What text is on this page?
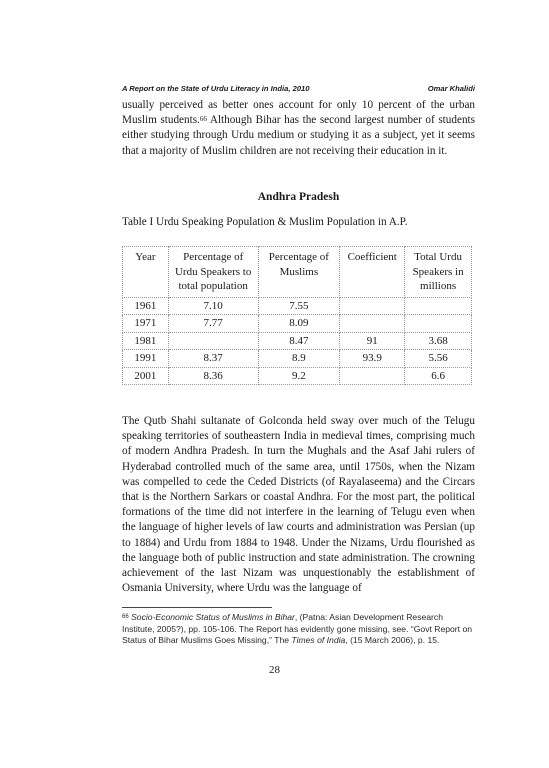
A Report on the State of Urdu Literacy in India, 2010	Omar Khalidi

usually perceived as better ones account for only 10 percent of the urban Muslim students.$^{66}$ Although Bihar has the second largest number of students either studying through Urdu medium or studying it as a subject, yet it seems that a majority of Muslim children are not receiving their education in it.

Andhra Pradesh

Table I Urdu Speaking Population & Muslim Population in A.P.

Year	Percentage of Urdu Speakers to total population	Percentage of Muslims	Coefficient	Total Urdu Speakers in millions
1961	7.10	7.55		
1971	7.77	8.09		
1981		8.47	91	3.68
1991	8.37	8.9	93.9	5.56
2001	8.36	9.2		6.6

The Qutb Shahi sultanate of Golconda held sway over much of the Telugu speaking territories of southeastern India in medieval times, comprising much of modern Andhra Pradesh. In turn the Mughals and the Asaf Jahi rulers of Hyderabad controlled much of the same area, until 1750s, when the Nizam was compelled to cede the Ceded Districts (of Rayalaseema) and the Circars that is the Northern Sarkars or coastal Andhra. For the most part, the political formations of the time did not interfere in the learning of Telugu even when the language of higher levels of law courts and administration was Persian (up to 1884) and Urdu from 1884 to 1948. Under the Nizams, Urdu flourished as the language both of public instruction and state administration. The crowning achievement of the last Nizam was unquestionably the establishment of Osmania University, where Urdu was the language of

$^{66}$ Socio-Economic Status of Muslims in Bihar, (Patna: Asian Development Research Institute, 2005?), pp. 105-106. The Report has evidently gone missing, see. “Govt Report on Status of Bihar Muslims Goes Missing,” The Times of India, (15 March 2006), p. 15.

28
